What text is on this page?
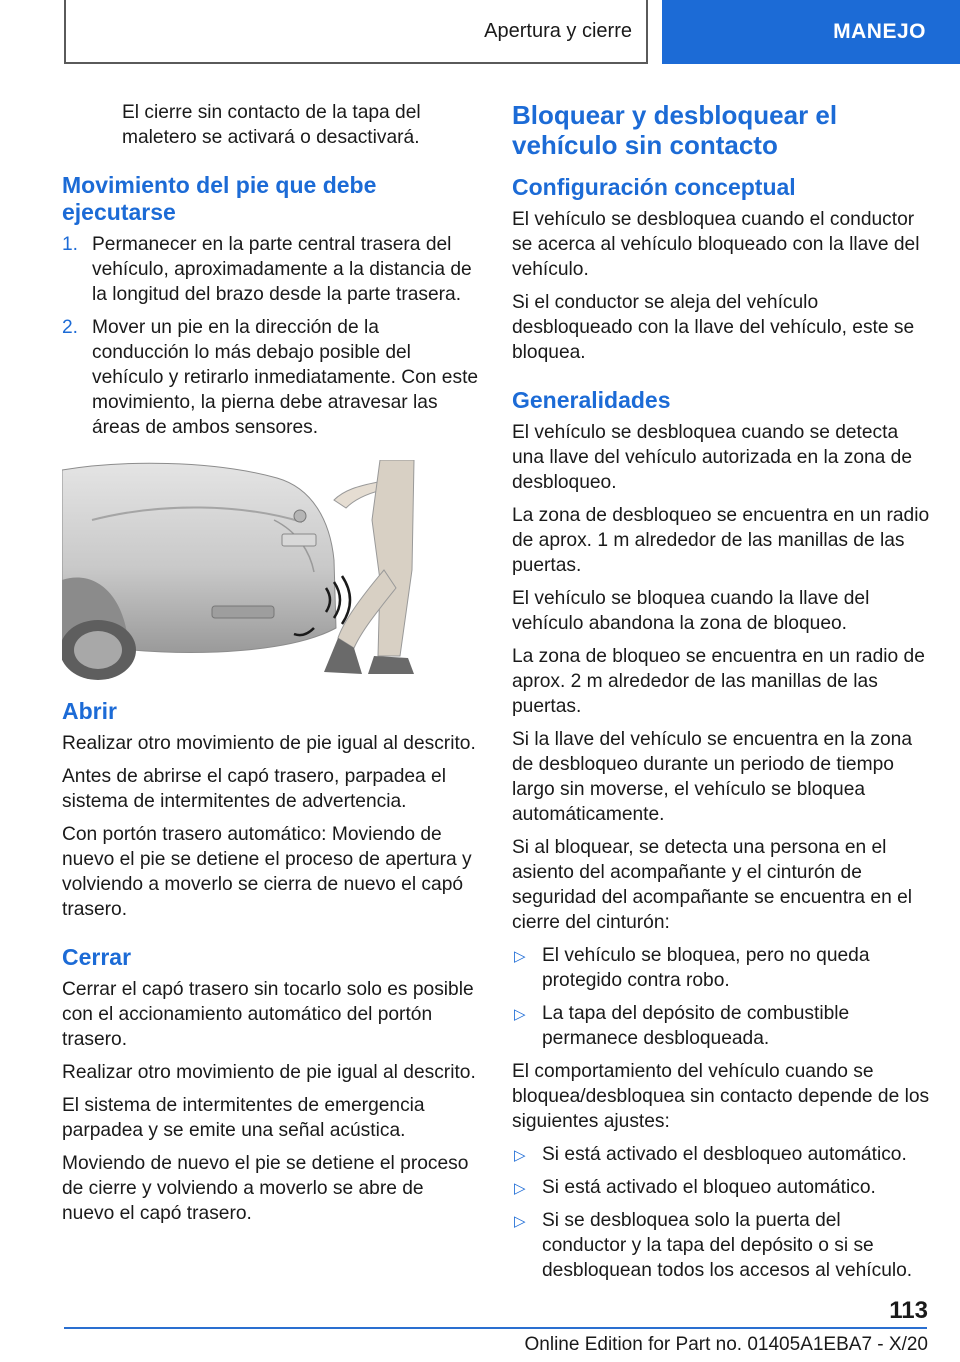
Apertura y cierre	MANEJO

El cierre sin contacto de la tapa del maletero se activará o desactivará.

Movimiento del pie que debe ejecutarse
1. Permanecer en la parte central trasera del vehículo, aproximadamente a la distancia de la longitud del brazo desde la parte trasera.
2. Mover un pie en la dirección de la conducción lo más debajo posible del vehículo y retirarlo inmediatamente. Con este movimiento, la pierna debe atravesar las áreas de ambos sensores.
Abrir

Realizar otro movimiento de pie igual al descrito.

Antes de abrirse el capó trasero, parpadea el sistema de intermitentes de advertencia.

Con portón trasero automático: Moviendo de nuevo el pie se detiene el proceso de apertura y volviendo a moverlo se cierra de nuevo el capó trasero.

Cerrar

Cerrar el capó trasero sin tocarlo solo es posible con el accionamiento automático del portón trasero.

Realizar otro movimiento de pie igual al descrito.

El sistema de intermitentes de emergencia parpadea y se emite una señal acústica.

Moviendo de nuevo el pie se detiene el proceso de cierre y volviendo a moverlo se abre de nuevo el capó trasero.

Bloquear y desbloquear el vehículo sin contacto
Configuración conceptual

El vehículo se desbloquea cuando el conductor se acerca al vehículo bloqueado con la llave del vehículo.

Si el conductor se aleja del vehículo desbloqueado con la llave del vehículo, este se bloquea.

Generalidades

El vehículo se desbloquea cuando se detecta una llave del vehículo autorizada en la zona de desbloqueo.

La zona de desbloqueo se encuentra en un radio de aprox. 1 m alrededor de las manillas de las puertas.

El vehículo se bloquea cuando la llave del vehículo abandona la zona de bloqueo.

La zona de bloqueo se encuentra en un radio de aprox. 2 m alrededor de las manillas de las puertas.

Si la llave del vehículo se encuentra en la zona de desbloqueo durante un periodo de tiempo largo sin moverse, el vehículo se bloquea automáticamente.

Si al bloquear, se detecta una persona en el asiento del acompañante y el cinturón de seguridad del acompañante se encuentra en el cierre del cinturón:

▷ El vehículo se bloquea, pero no queda protegido contra robo.
▷ La tapa del depósito de combustible permanece desbloqueada.

El comportamiento del vehículo cuando se bloquea/desbloquea sin contacto depende de los siguientes ajustes:

▷ Si está activado el desbloqueo automático.
▷ Si está activado el bloqueo automático.
▷ Si se desbloquea solo la puerta del conductor y la tapa del depósito o si se desbloquean todos los accesos al vehículo.
113
Online Edition for Part no. 01405A1EBA7 - X/20
